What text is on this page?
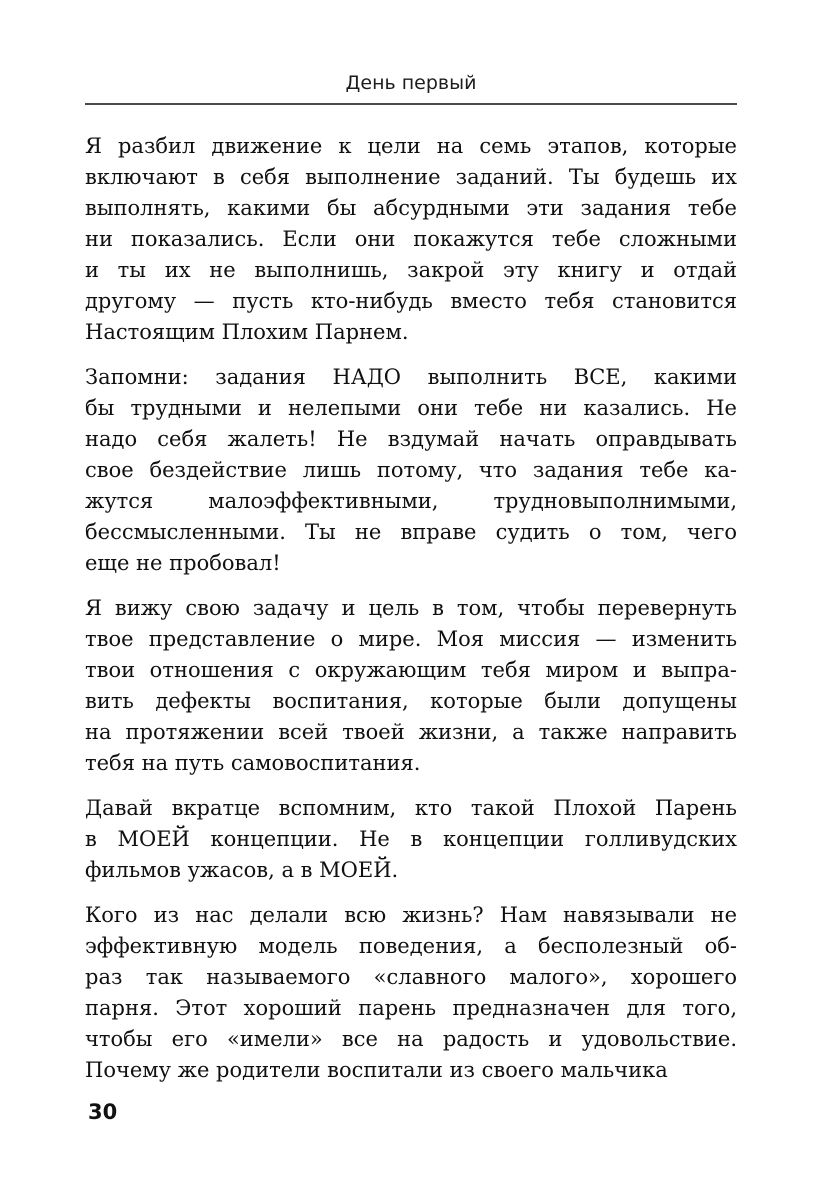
День первый
Я разбил движение к цели на семь этапов, которые
включают в себя выполнение заданий. Ты будешь их
выполнять, какими бы абсурдными эти задания тебе
ни показались. Если они покажутся тебе сложными
и ты их не выполнишь, закрой эту книгу и отдай
другому — пусть кто-нибудь вместо тебя становится
Настоящим Плохим Парнем.
Запомни: задания НАДО выполнить ВСЕ, какими
бы трудными и нелепыми они тебе ни казались. Не
надо себя жалеть! Не вздумай начать оправдывать
свое бездействие лишь потому, что задания тебе ка-
жутся малоэффективными, трудновыполнимыми,
бессмысленными. Ты не вправе судить о том, чего
еще не пробовал!
Я вижу свою задачу и цель в том, чтобы перевернуть
твое представление о мире. Моя миссия — изменить
твои отношения с окружающим тебя миром и выпра-
вить дефекты воспитания, которые были допущены
на протяжении всей твоей жизни, а также направить
тебя на путь самовоспитания.
Давай вкратце вспомним, кто такой Плохой Парень
в МОЕЙ концепции. Не в концепции голливудских
фильмов ужасов, а в МОЕЙ.
Кого из нас делали всю жизнь? Нам навязывали не
эффективную модель поведения, а бесполезный об-
раз так называемого «славного малого», хорошего
парня. Этот хороший парень предназначен для того,
чтобы его «имели» все на радость и удовольствие.
Почему же родители воспитали из своего мальчика
30
